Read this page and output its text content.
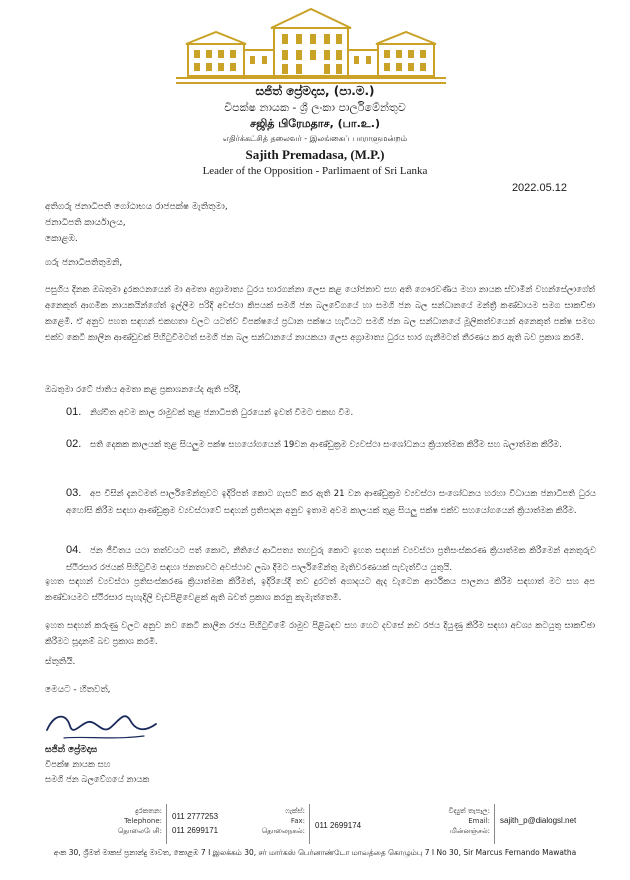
සජිත් ප්‍රේමදාස, (පා.ම.)
විපක්ෂ නායක - ශ්‍රී ලංකා පාර්ලිමේන්තුව
சஜித் பிரேமதாச, (பா.உ.)
எதிர்க்கட்சித் தலைவர் - இலங்கைப் பாராளுமன்றம்
Sajith Premadasa, (M.P.)
Leader of the Opposition - Parlimaent of Sri Lanka
2022.05.12
අතිගරු ජනාධිපති ගෝඨාභය රාජපක්ෂ මැතිතුමා,
ජනාධිපති කාර්යාලය,
කොළඹ.
ගරු ජනාධිපතිතුමනි,
පසුගිය දිනක ඔබතුමා දුරකථනයෙන් මා අමතා අග්‍රාමාත්‍ය ධුරය භාරගන්නා ලෙස කළ යෝජනාව සහ අති ගෞරවණීය මහා නායක ස්වාමීන් වහන්සේලාගේත් අනෙකුත් ආගමික නායකයින්ගේත් ඉල්ලීම පරිදි අවස්ථා කිපයක් සමගි ජන බලවේගයේ හා සමගි ජන බල සන්ධානයේ මන්ත්‍රී කණ්ඩායම සමග සාකච්ඡා කළෙමි. ඒ අනුව පහත සඳහන් එකඟතා වලට යටත්ව විපක්ෂයේ ප්‍රධාන පක්ෂය හැටියට සමගි ජන බල සන්ධානයේ මූලිකත්වයෙන් අනෙකුත් පක්ෂ සමඟ එක්ව කෙටි කාලීන ආණ්ඩුවක් පිහිටුවීමටත් සමගි ජන බල සන්ධානයේ නායකයා ලෙස අග්‍රාමාත්‍ය ධුරය භාර ගැනීමටත් තීරණය කර ඇති බව ප්‍රකාශ කරමි.
ඔබතුමා රටේ ජාතිය අමතා කළ ප්‍රකාශනයේද ඇති පරිදි,
01. නිශ්චිත අවම කාල රාමුවක් තුළ ජනාධිපති ධුරයෙන් ඉවත් වීමට එකඟ වීම.
02. සති දෙකක කාලයක් තුළ සියලුම පක්ෂ සහයෝගයෙන් 19වන ආණ්ඩුක්‍රම ව්‍යවස්ථා සංශෝධනය ක්‍රියාත්මක කිරීම සහ බලාත්මක කිරීම.
03. අප විසින් දැනටමත් පාර්ලිමේන්තුවට ඉදිරිපත් කොට ගැසට් කර ඇති 21 වන ආණ්ඩුක්‍රම ව්‍යවස්ථා සංශෝධනය හරහා විධායක ජනාධිපති ධුරය අහෝසි කිරීම සඳහා ආණ්ඩුක්‍රම ව්‍යවස්ථාවේ සඳහන් ප්‍රතිපාදන අනුව ඉතාම අවම කාලයක් තුළ සියලු පක්ෂ එක්ව සහයෝගයෙන් ක්‍රියාත්මක කිරීම.
04. ජන ජීවිතය යථා තත්වයට පත් කොට, නීතියේ ආධිපත්‍ය තහවුරු කොට ඉහත සඳහන් ව්‍යවස්ථා ප්‍රතිසංස්කරණ ක්‍රියාත්මක කිරීමෙන් අනතුරුව ස්ථිරසාර රජයක් පිහිටුවීම සඳහා ජනතාවට අවස්ථාව ලබා දීමට පාර්ලිමේන්තු මැතිවරණයක් පැවැත්විය යුතුයි.
ඉහත සඳහන් ව්‍යවස්ථා ප්‍රතිසංස්කරණ ක්‍රියාත්මක කිරීමත්, ඉදිරියේදී තව දුරටත් අගාදයට ඇද වැටෙන ආර්ථිකය පාලනය කිරීම සඳහාත් මට සහ අප කණ්ඩායමට ස්ථිරසාර පැහැදිලි වැඩපිළිවෙළක් ඇති බවත් ප්‍රකාශ කරනු කැමැත්තෙමි.
ඉහත සඳහන් කරුණු වලට අනුව නව කෙටි කාලීන රජය පිහිටුවීමේ රාමුව පිළිබඳව සහ හෙට දවසේ නව රජය දියුණු කිරීම සඳහා අවශ්‍ය කටයුතු සාකච්ඡා කිරීමට සූදානම් බව ප්‍රකාශ කරමි.
ස්තුතියි.
මෙයට - හිතවත්,
සජිත් ප්‍රේමදාස
විපක්ෂ නායක සහ
සමගි ජන බලවේගයේ නායක
දුරකතන:
Telephone:
தொலைபேசி:
011 2777253
011 2699171
ෆැක්ස්:
Fax:
தொலைநகல்:
011 2699174
විද්‍යුත් තැපෑල:
Email:
மின்னஞ்சல்:
sajith_p@dialogsl.net
අංක 30, ශ්‍රීමත් මාකස් ප්‍රනාන්දු මාවත, කොළඹ 7 I இலக்கம் 30, சர் மார்கஸ் பெர்னாண்டோ மாவத்தை கொழும்பு 7 I No 30, Sir Marcus Fernando Mawatha
